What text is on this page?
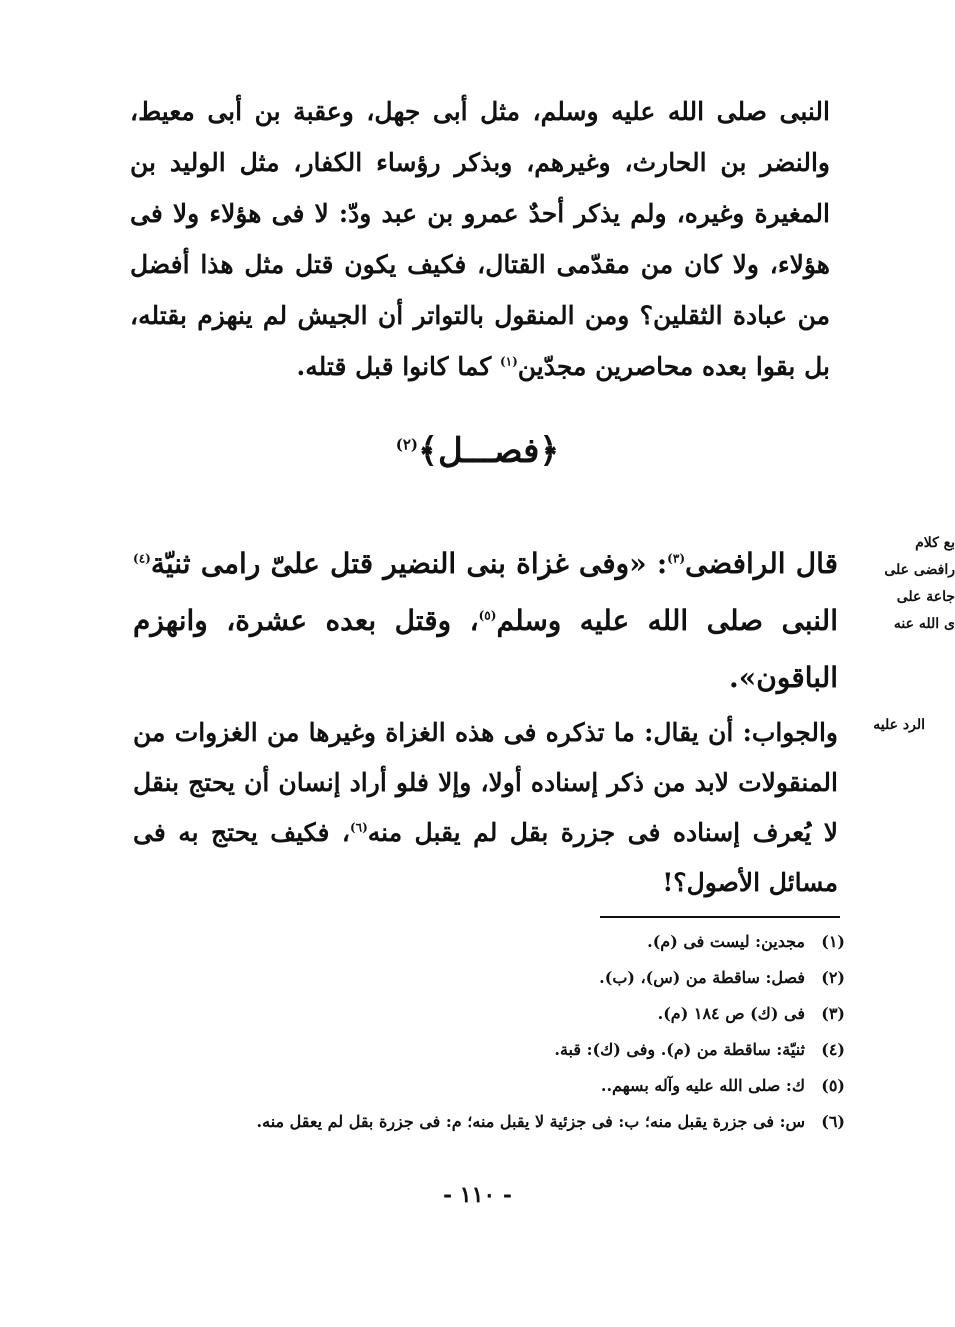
النبى صلى الله عليه وسلم، مثل أبى جهل، وعقبة بن أبى معيط، والنضر بن الحارث، وغيرهم، وبذكر رؤساء الكفار، مثل الوليد بن المغيرة وغيره، ولم يذكر أحدٌ عمرو بن عبد ودّ: لا فى هؤلاء ولا فى هؤلاء، ولا كان من مقدّمى القتال، فكيف يكون قتل مثل هذا أفضل من عبادة الثقلين؟ ومن المنقول بالتواتر أن الجيش لم ينهزم بقتله، بل بقوا بعده محاصرين مجدّين$^{(١)}$ كما كانوا قبل قتله.

﴿فصـــل﴾$^{(٢)}$

قال الرافضى$^{(٣)}$: «وفى غزاة بنى النضير قتل علىّ رامى ثنيّة$^{(٤)}$ النبى صلى الله عليه وسلم$^{(٥)}$، وقتل بعده عشرة، وانهزم الباقون».

والجواب: أن يقال: ما تذكره فى هذه الغزاة وغيرها من الغزوات من المنقولات لابد من ذكر إسناده أولا، وإلا فلو أراد إنسان أن يحتج بنقل لا يُعرف إسناده فى جزرة بقل لم يقبل منه$^{(٦)}$، فكيف يحتج به فى مسائل الأصول؟!

بع كلام
رافضى على
جاعة على
ى الله عنه
الرد عليه
(١)
مجدين: ليست فى (م).
(٢)
فصل: ساقطة من (س)، (ب).
(٣)
فى (ك) ص ١٨٤ (م).
(٤)
ثنيّة: ساقطة من (م). وفى (ك): قبة.
(٥)
ك: صلى الله عليه وآله بسهم..
(٦)
س: فى جزرة يقبل منه؛ ب: فى جزئية لا يقبل منه؛ م: فى جزرة بقل لم يعقل منه.
- ١١٠ -
